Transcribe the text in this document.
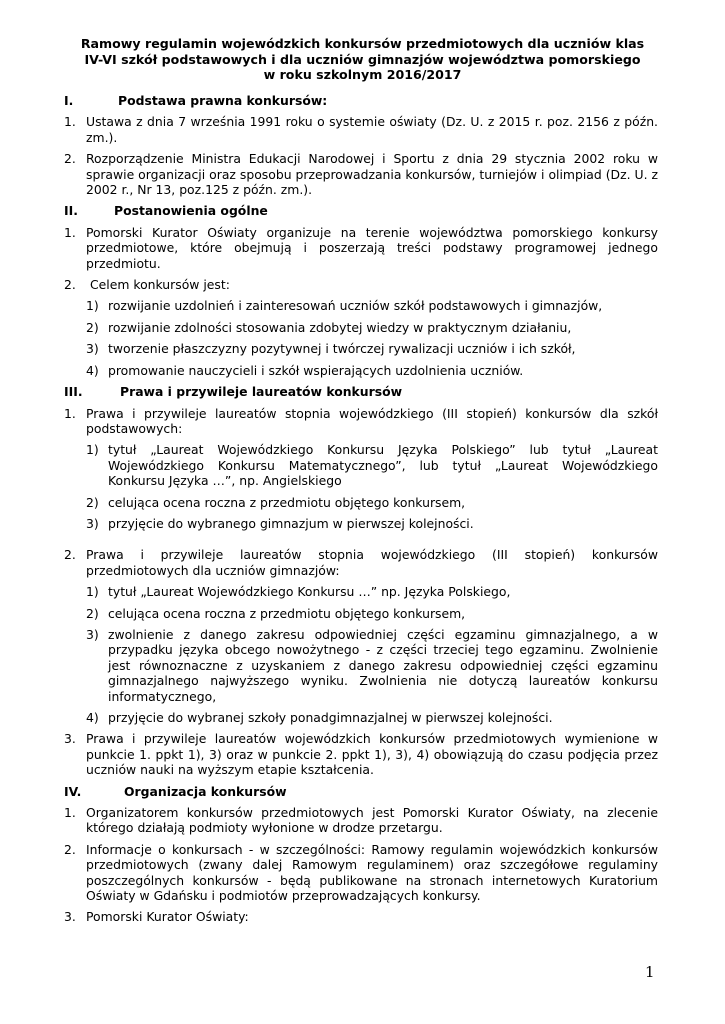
Ramowy regulamin wojewódzkich konkursów przedmiotowych dla uczniów klas
IV-VI szkół podstawowych i dla uczniów gimnazjów województwa pomorskiego
w roku szkolnym 2016/2017
I.	Podstawa prawna konkursów:
1. Ustawa z dnia 7 września 1991 roku o systemie oświaty (Dz. U. z 2015 r. poz. 2156 z późn. zm.).
2. Rozporządzenie Ministra Edukacji Narodowej i Sportu z dnia 29 stycznia 2002 roku w sprawie organizacji oraz sposobu przeprowadzania konkursów, turniejów i olimpiad (Dz. U. z 2002 r., Nr 13, poz.125 z późn. zm.).
II.	Postanowienia ogólne
1. Pomorski Kurator Oświaty organizuje na terenie województwa pomorskiego konkursy przedmiotowe, które obejmują i poszerzają treści podstawy programowej jednego przedmiotu.
2.	Celem konkursów jest:
1) rozwijanie uzdolnień i zainteresowań uczniów szkół podstawowych i gimnazjów,
2) rozwijanie zdolności stosowania zdobytej wiedzy w praktycznym działaniu,
3) tworzenie płaszczyzny pozytywnej i twórczej rywalizacji uczniów i ich szkół,
4) promowanie nauczycieli i szkół wspierających uzdolnienia uczniów.
III.	Prawa i przywileje laureatów konkursów
1. Prawa i przywileje laureatów stopnia wojewódzkiego (III stopień) konkursów dla szkół podstawowych:
1) tytuł „Laureat Wojewódzkiego Konkursu Języka Polskiego” lub tytuł „Laureat Wojewódzkiego Konkursu Matematycznego”, lub tytuł „Laureat Wojewódzkiego Konkursu Języka …”, np. Angielskiego
2) celująca ocena roczna z przedmiotu objętego konkursem,
3) przyjęcie do wybranego gimnazjum w pierwszej kolejności.
2. Prawa i przywileje laureatów stopnia wojewódzkiego (III stopień) konkursów przedmiotowych dla uczniów gimnazjów:
1) tytuł „Laureat Wojewódzkiego Konkursu …” np. Języka Polskiego,
2) celująca ocena roczna z przedmiotu objętego konkursem,
3) zwolnienie z danego zakresu odpowiedniej części egzaminu gimnazjalnego, a w przypadku języka obcego nowożytnego - z części trzeciej tego egzaminu. Zwolnienie jest równoznaczne z uzyskaniem z danego zakresu odpowiedniej części egzaminu gimnazjalnego najwyższego wyniku. Zwolnienia nie dotyczą laureatów konkursu informatycznego,
4) przyjęcie do wybranej szkoły ponadgimnazjalnej w pierwszej kolejności.
3. Prawa i przywileje laureatów wojewódzkich konkursów przedmiotowych wymienione w punkcie 1. ppkt 1), 3) oraz w punkcie 2. ppkt 1), 3), 4) obowiązują do czasu podjęcia przez uczniów nauki na wyższym etapie kształcenia.
IV.	Organizacja konkursów
1. Organizatorem konkursów przedmiotowych jest Pomorski Kurator Oświaty, na zlecenie którego działają podmioty wyłonione w drodze przetargu.
2. Informacje o konkursach - w szczególności: Ramowy regulamin wojewódzkich konkursów przedmiotowych (zwany dalej Ramowym regulaminem) oraz szczegółowe regulaminy poszczególnych konkursów - będą publikowane na stronach internetowych Kuratorium Oświaty w Gdańsku i podmiotów przeprowadzających konkursy.
3. Pomorski Kurator Oświaty:
1
